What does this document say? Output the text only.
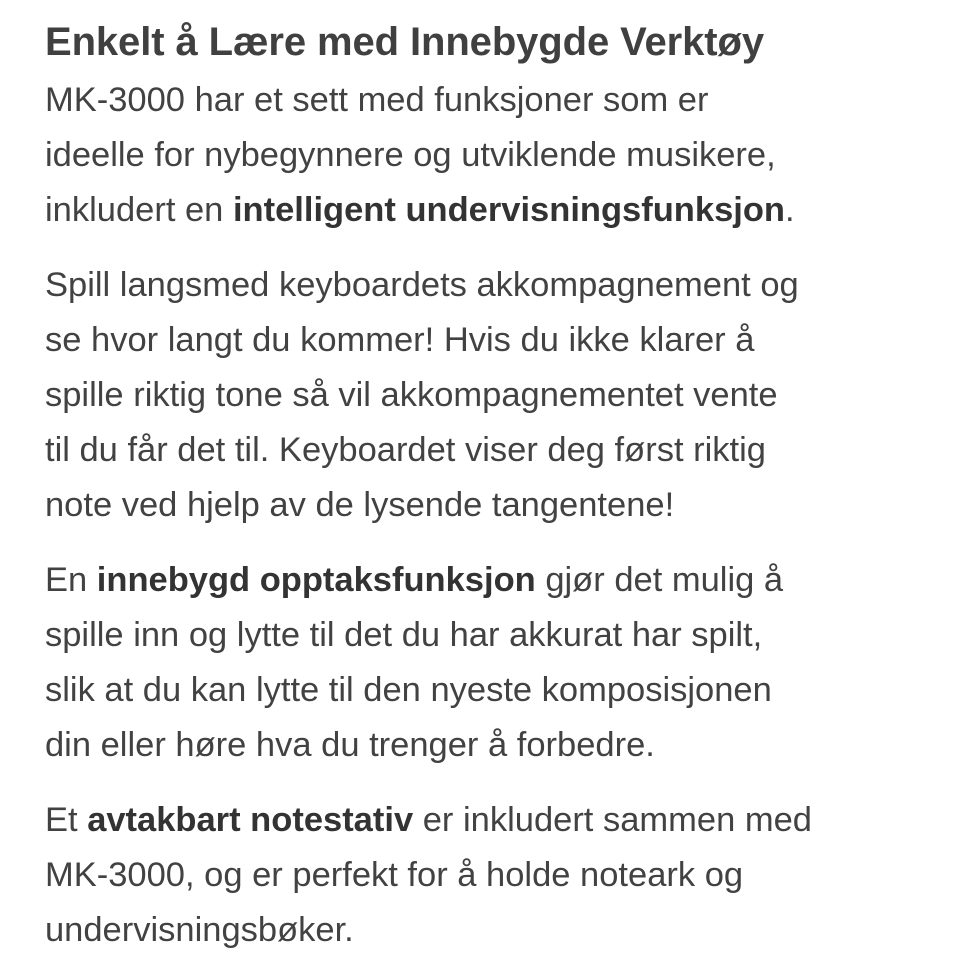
Enkelt å Lære med Innebygde Verktøy

MK-3000 har et sett med funksjoner som er
ideelle for nybegynnere og utviklende musikere,
inkludert en intelligent undervisningsfunksjon.

Spill langsmed keyboardets akkompagnement og
se hvor langt du kommer! Hvis du ikke klarer å
spille riktig tone så vil akkompagnementet vente
til du får det til. Keyboardet viser deg først riktig
note ved hjelp av de lysende tangentene!

En innebygd opptaksfunksjon gjør det mulig å
spille inn og lytte til det du har akkurat har spilt,
slik at du kan lytte til den nyeste komposisjonen
din eller høre hva du trenger å forbedre.

Et avtakbart notestativ er inkludert sammen med
MK-3000, og er perfekt for å holde noteark og
undervisningsbøker.
